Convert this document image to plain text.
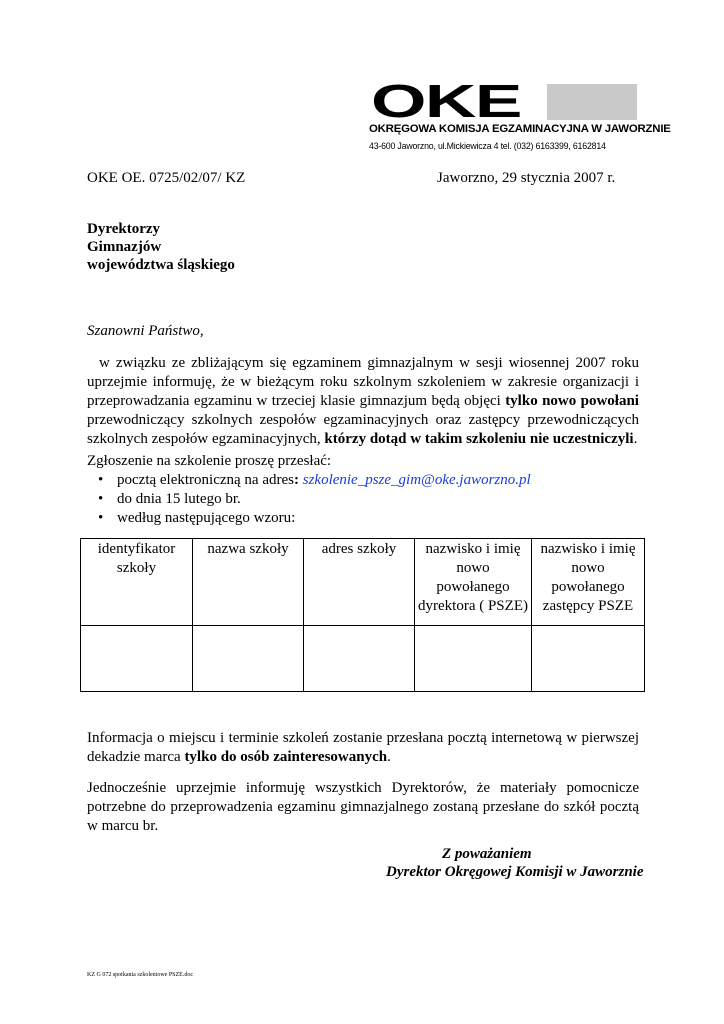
OKE
OKRĘGOWA KOMISJA EGZAMINACYJNA W JAWORZNIE
43-600 Jaworzno, ul.Mickiewicza 4 tel. (032) 6163399, 6162814
OKE OE. 0725/02/07/ KZ	Jaworzno, 29 stycznia 2007 r.
Dyrektorzy
Gimnazjów
województwa śląskiego
Szanowni Państwo,
w związku ze zbliżającym się egzaminem gimnazjalnym w sesji wiosennej 2007 roku uprzejmie informuję, że w bieżącym roku szkolnym szkoleniem w zakresie organizacji i przeprowadzania egzaminu w trzeciej klasie gimnazjum będą objęci tylko nowo powołani przewodniczący szkolnych zespołów egzaminacyjnych oraz zastępcy przewodniczących szkolnych zespołów egzaminacyjnych, którzy dotąd w takim szkoleniu nie uczestniczyli.
Zgłoszenie na szkolenie proszę przesłać:
• pocztą elektroniczną na adres: szkolenie_psze_gim@oke.jaworzno.pl
• do dnia 15 lutego br.
• według następującego wzoru:
identyfikator szkoły	nazwa szkoły	adres szkoły	nazwisko i imię nowo powołanego dyrektora ( PSZE)	nazwisko i imię nowo powołanego zastępcy PSZE

Informacja o miejscu i terminie szkoleń zostanie przesłana pocztą internetową w pierwszej dekadzie marca tylko do osób zainteresowanych.
Jednocześnie uprzejmie informuję wszystkich Dyrektorów, że materiały pomocnicze potrzebne do przeprowadzenia egzaminu gimnazjalnego zostaną przesłane do szkół pocztą w marcu br.
Z poważaniem
Dyrektor Okręgowej Komisji w Jaworznie
KZ G 072 spotkania szkoleniowe PSZE.doc
